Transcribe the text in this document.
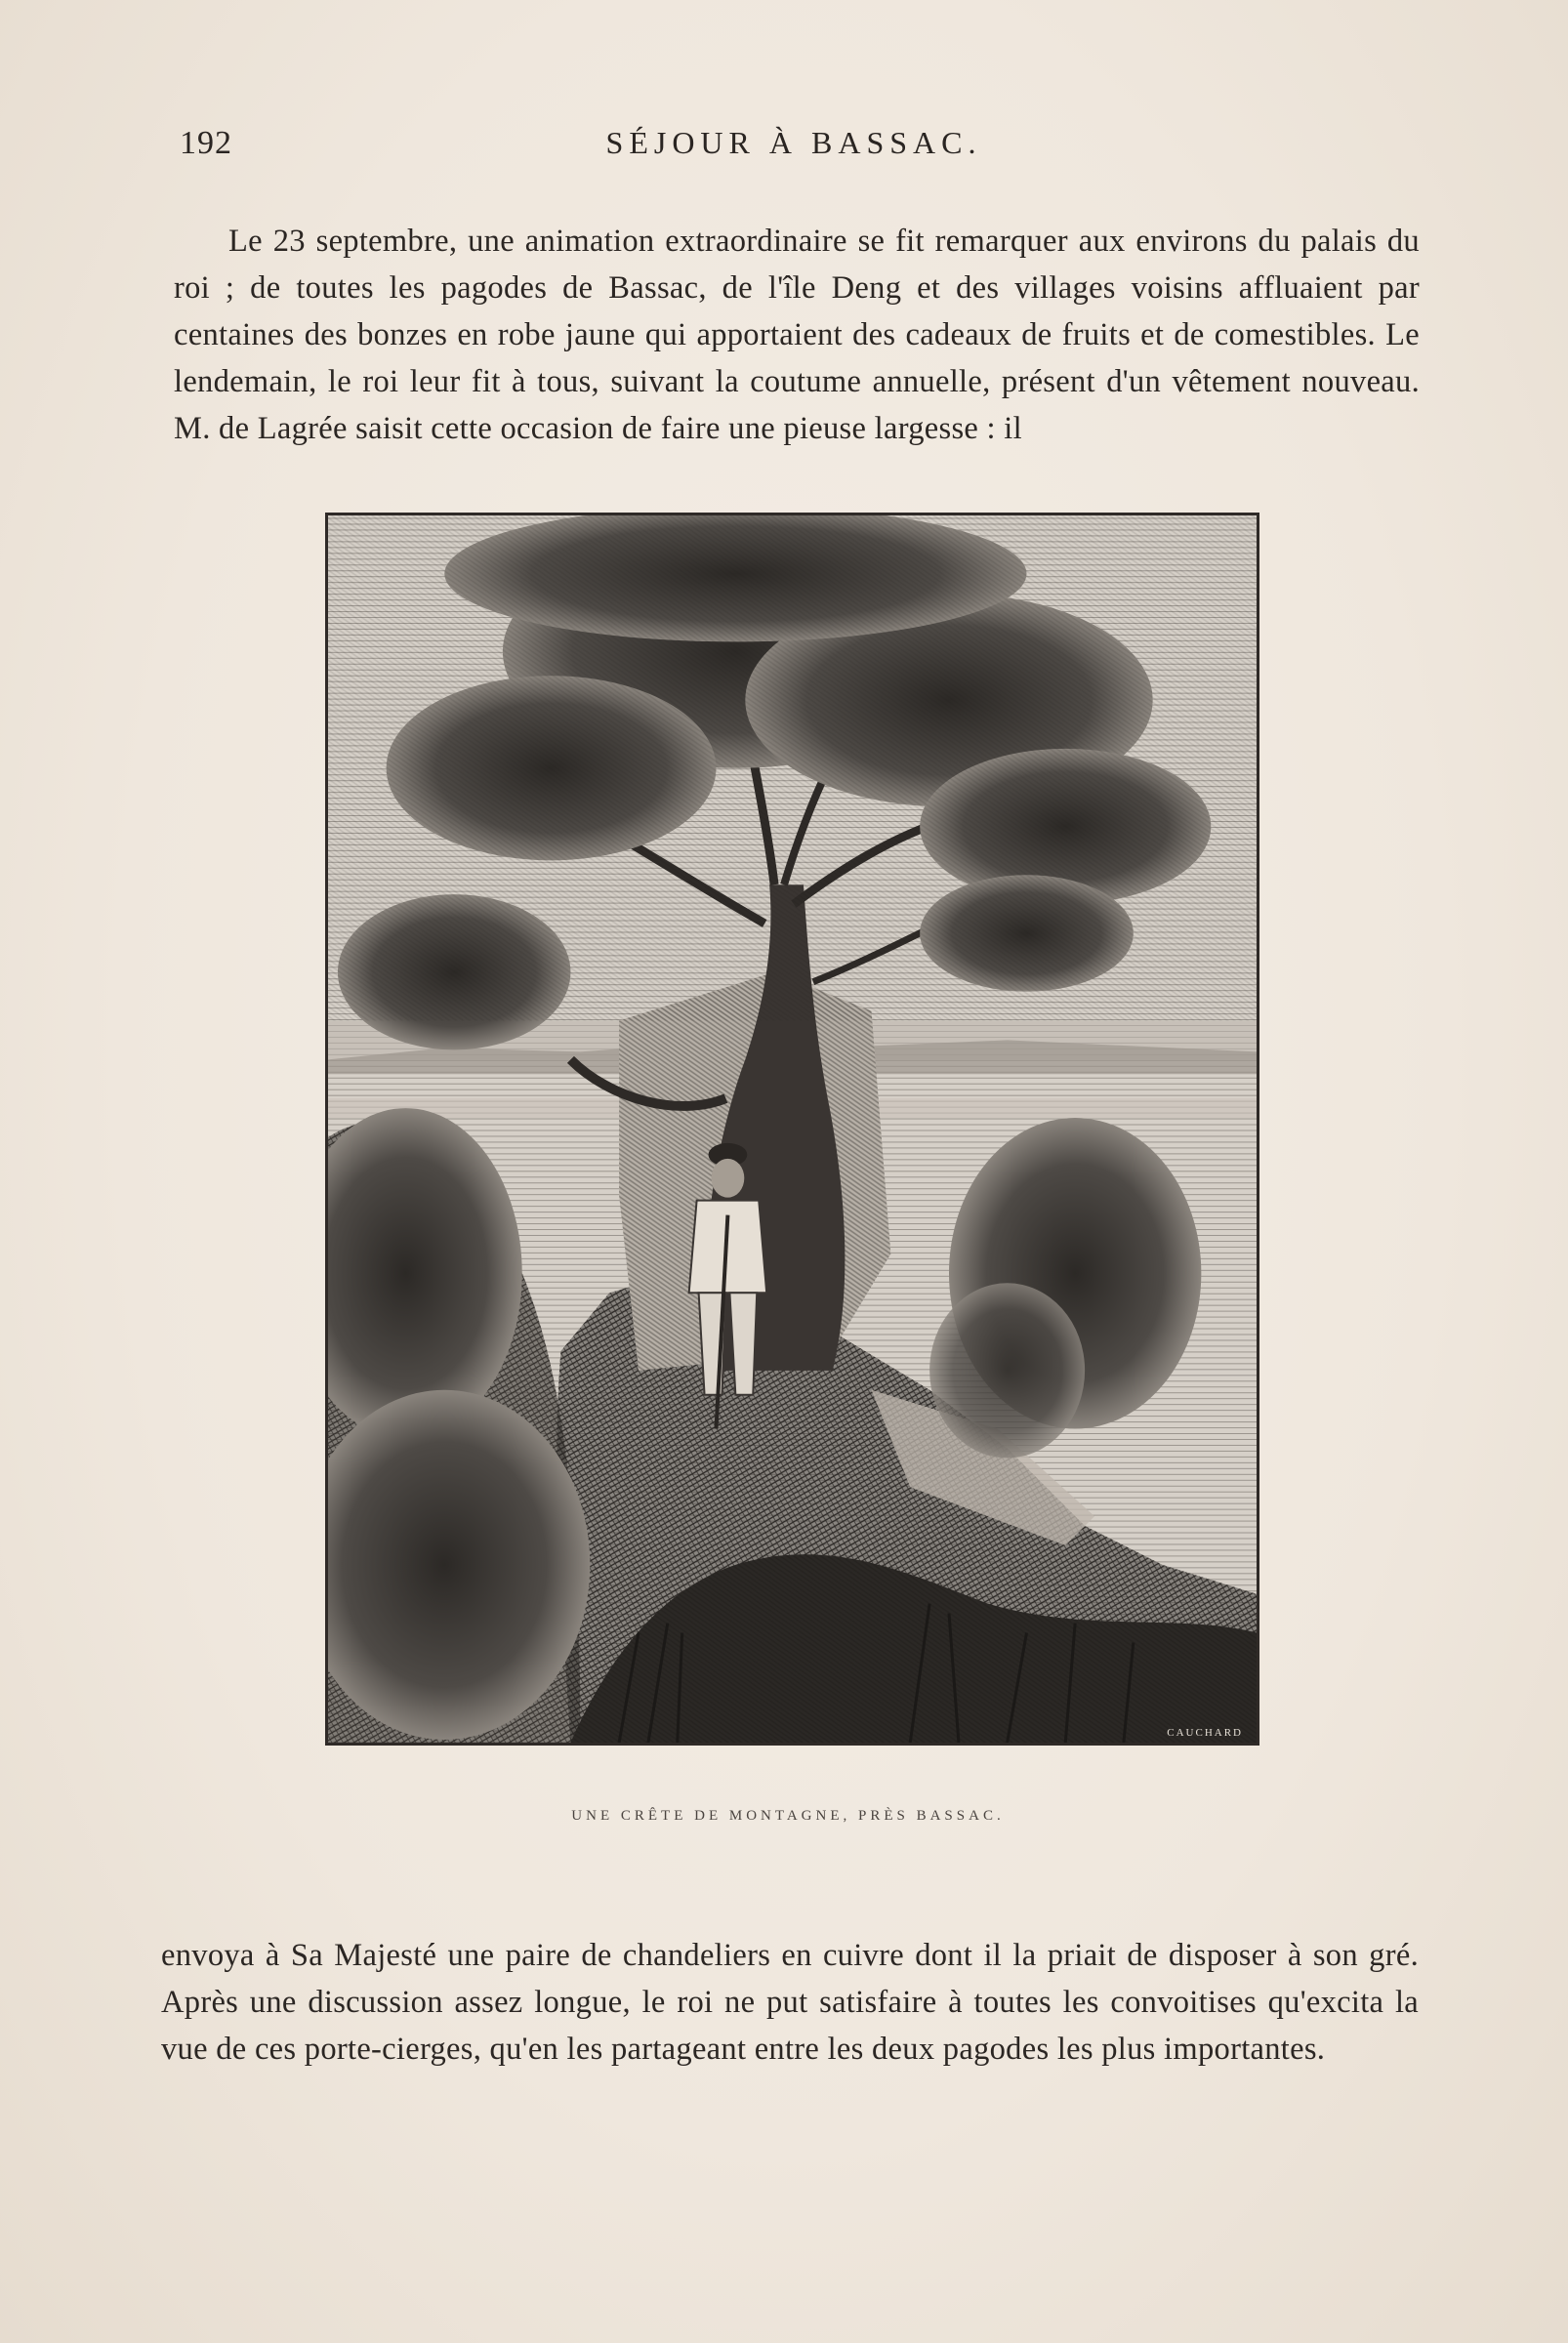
192	SÉJOUR À BASSAC.

Le 23 septembre, une animation extraordinaire se fit remarquer aux environs du palais du roi ; de toutes les pagodes de Bassac, de l'île Deng et des villages voisins affluaient par centaines des bonzes en robe jaune qui apportaient des cadeaux de fruits et de comestibles. Le lendemain, le roi leur fit à tous, suivant la coutume annuelle, présent d'un vêtement nouveau. M. de Lagrée saisit cette occasion de faire une pieuse largesse : il

CAUCHARD
UNE CRÊTE DE MONTAGNE, PRÈS BASSAC.

envoya à Sa Majesté une paire de chandeliers en cuivre dont il la priait de disposer à son gré. Après une discussion assez longue, le roi ne put satisfaire à toutes les convoitises qu'excita la vue de ces porte-cierges, qu'en les partageant entre les deux pagodes les plus importantes.
